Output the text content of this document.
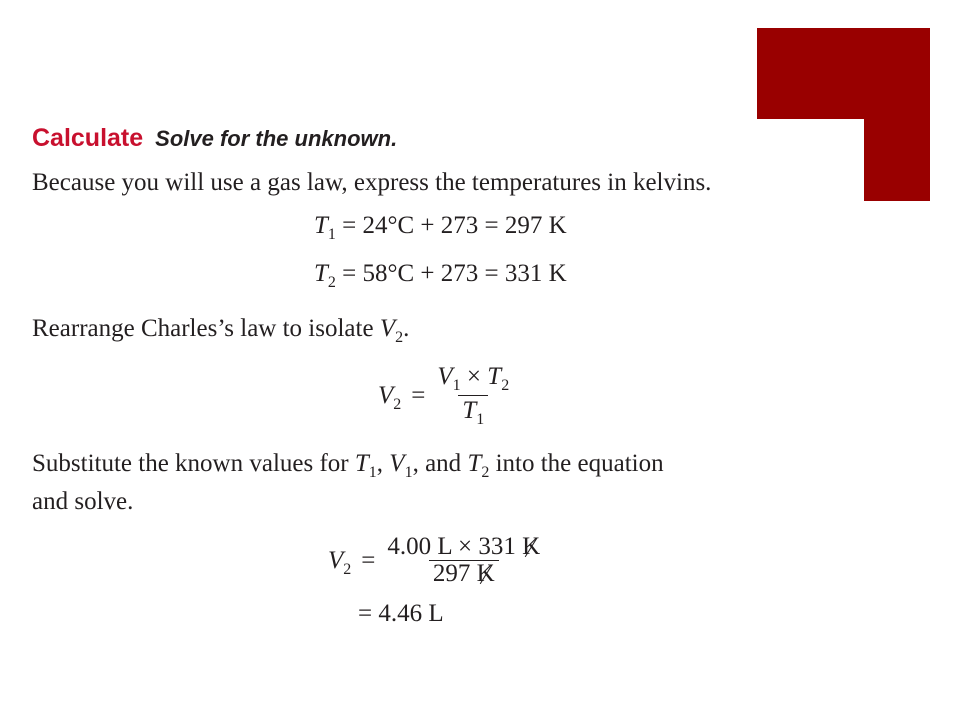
Calculate Solve for the unknown.
Because you will use a gas law, express the temperatures in kelvins.
$T_1 = 24^\circ C + 273 = 297$ K
$T_2 = 58^\circ C + 273 = 331$ K
Rearrange Charles’s law to isolate $V_2$.
$V_2 = \frac{V_1 \times T_2}{T_1}$
Substitute the known values for $T_1$, $V_1$, and $T_2$ into the equation
and solve.
$V_2 = \frac{4.00 L \times 331 K}{297 K}$
= 4.46 L
